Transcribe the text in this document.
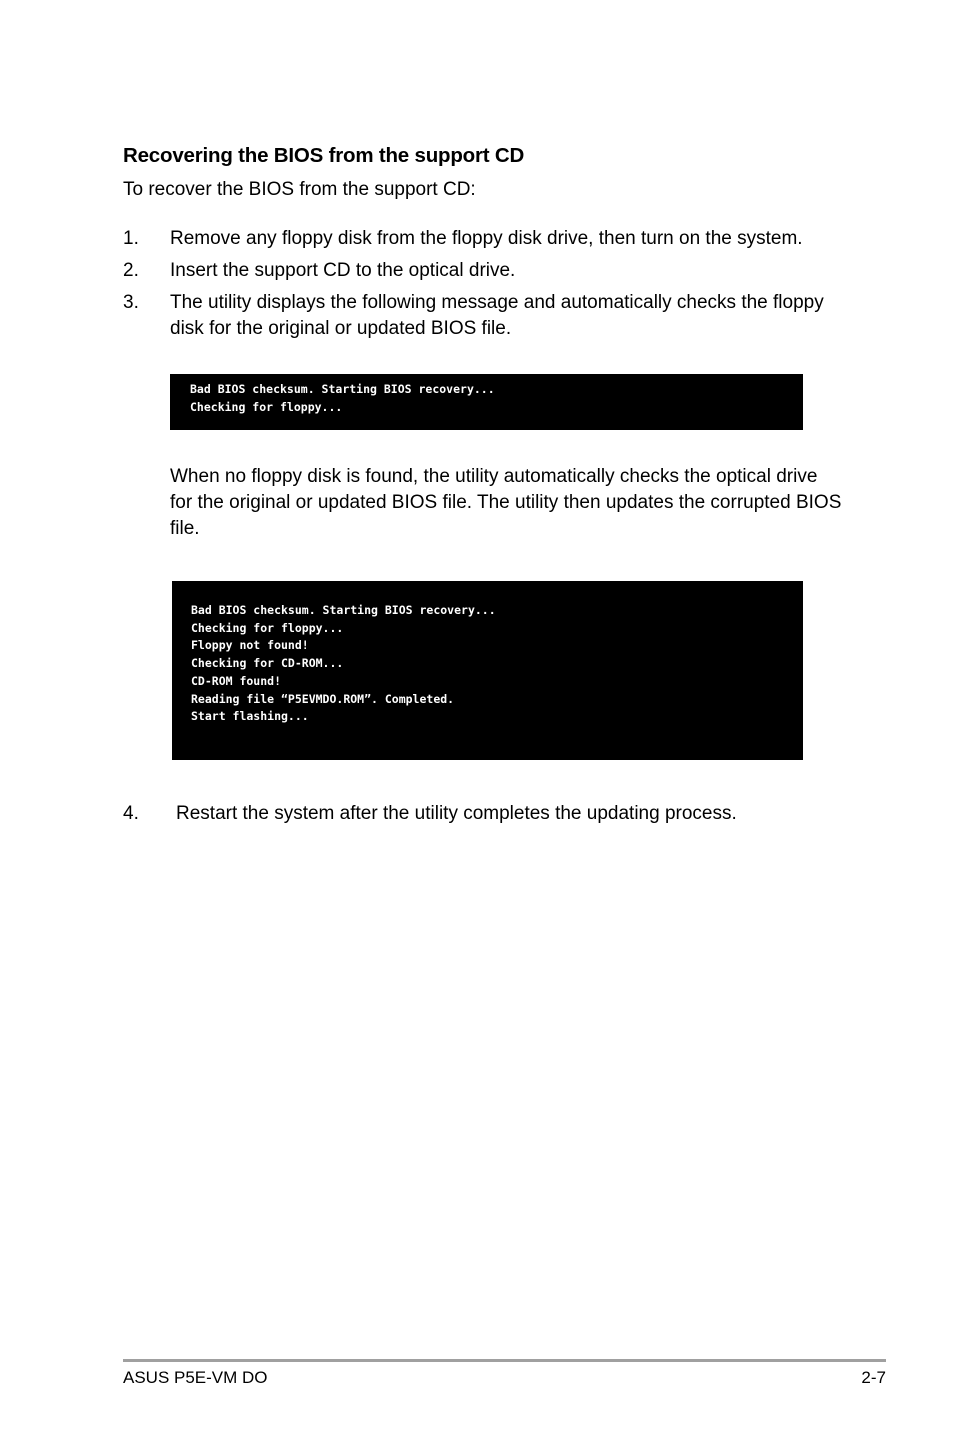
Recovering the BIOS from the support CD

To recover the BIOS from the support CD:

1. Remove any floppy disk from the floppy disk drive, then turn on the system.
2. Insert the support CD to the optical drive.
3. The utility displays the following message and automatically checks the floppy disk for the original or updated BIOS file.
Bad BIOS checksum. Starting BIOS recovery...
Checking for floppy...

When no floppy disk is found, the utility automatically checks the optical drive for the original or updated BIOS file. The utility then updates the corrupted BIOS file.

Bad BIOS checksum. Starting BIOS recovery...
Checking for floppy...
Floppy not found!
Checking for CD-ROM...
CD-ROM found!
Reading file “P5EVMDO.ROM”. Completed.
Start flashing...
4. Restart the system after the utility completes the updating process.
ASUS P5E-VM DO	2-7
